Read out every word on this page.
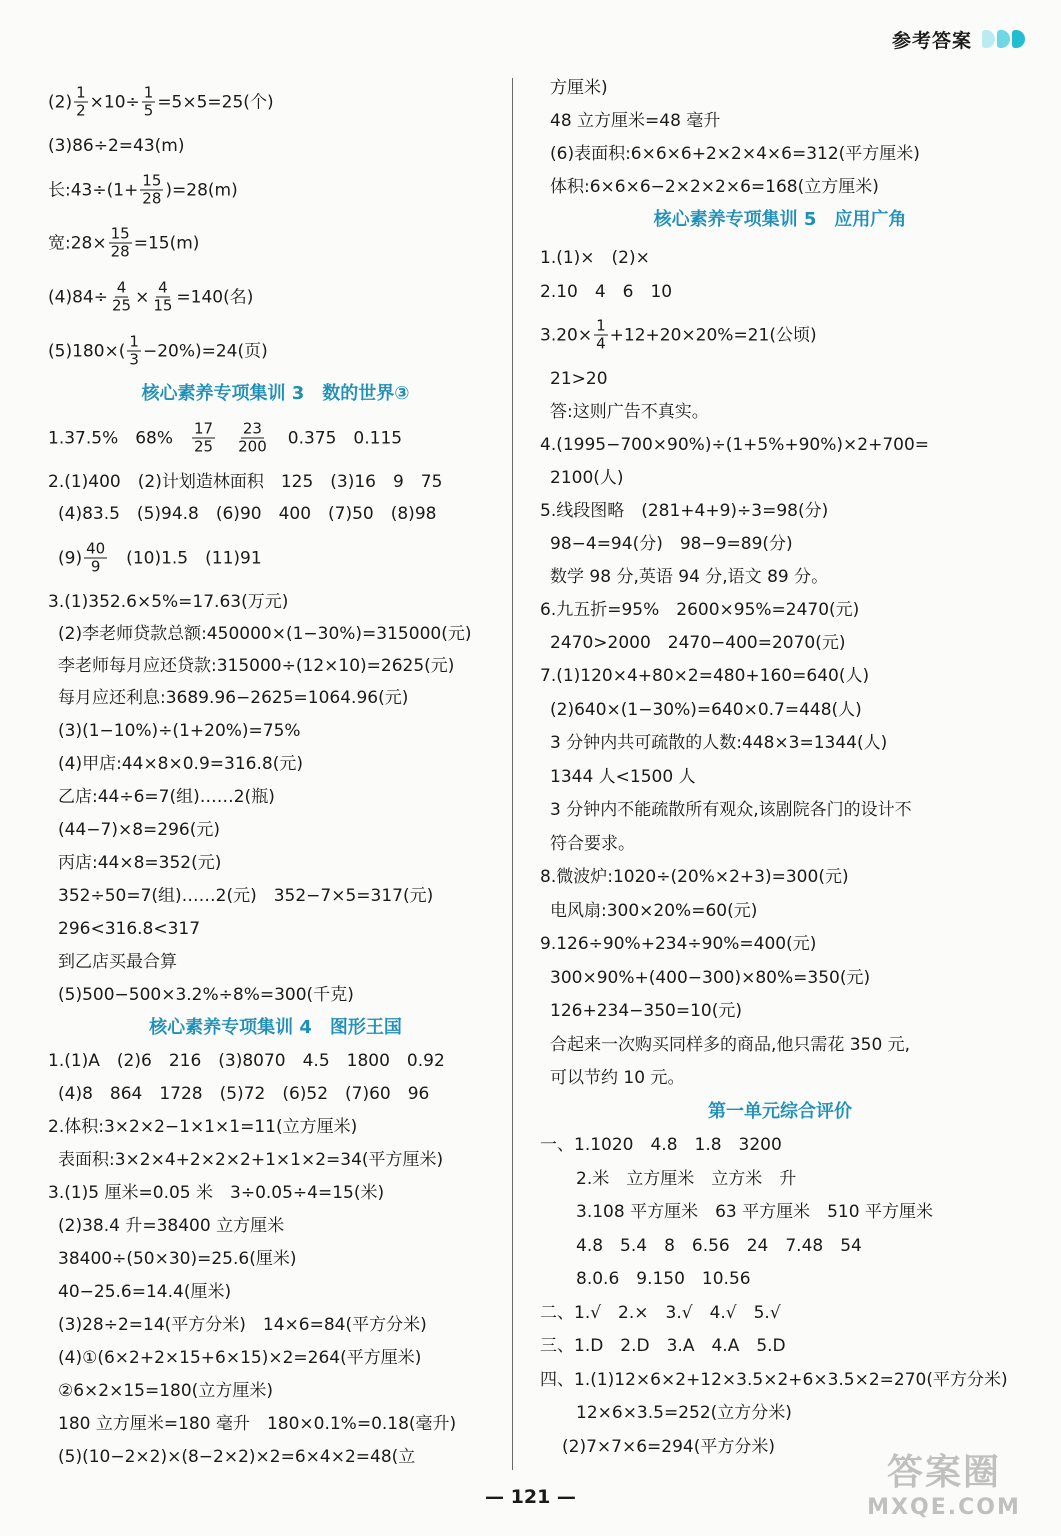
参考答案
$(2) \frac{1}{2} \times 10\div \frac{1}{5} =5\times 5=25$(个)
(3)86÷2=43(m)
长:43÷(1+ $\frac{15}{28} )=28(m)$
宽:28× $\frac{15}{28} =15(m)$
$(4)84\div \frac{4}{25} \times \frac{4}{15} =140$(名)
$(5)180\times( \frac{1}{3} -20\%)=24$(页)
核心素养专项集训 3　数的世界③
1.37.5%　68%　 $\frac{17}{25}$
　 $\frac{23}{200}$ 　0.375　0.115
2.(1)400　(2)计划造林面积　125　(3)16　9　75
(4)83.5　(5)94.8　(6)90　400　(7)50　(8)98
$(9) \frac{40}{9}$ 　(10)1.5　(11)91
3.(1)352.6×5%=17.63(万元)
(2)李老师贷款总额:450000×(1−30%)=315000(元)
李老师每月应还贷款:315000÷(12×10)=2625(元)
每月应还利息:3689.96−2625=1064.96(元)
(3)(1−10%)÷(1+20%)=75%
(4)甲店:44×8×0.9=316.8(元)
乙店:44÷6=7(组)……2(瓶)
(44−7)×8=296(元)
丙店:44×8=352(元)
352÷50=7(组)……2(元)　352−7×5=317(元)
296<316.8<317
到乙店买最合算
(5)500−500×3.2%÷8%=300(千克)
核心素养专项集训 4　图形王国
1.(1)A　(2)6　216　(3)8070　4.5　1800　0.92
(4)8　864　1728　(5)72　(6)52　(7)60　96
2.体积:3×2×2−1×1×1=11(立方厘米)
表面积:3×2×4+2×2×2+1×1×2=34(平方厘米)
3.(1)5 厘米=0.05 米　3÷0.05÷4=15(米)
(2)38.4 升=38400 立方厘米
38400÷(50×30)=25.6(厘米)
40−25.6=14.4(厘米)
(3)28÷2=14(平方分米)　14×6=84(平方分米)
(4)①(6×2+2×15+6×15)×2=264(平方厘米)
②6×2×15=180(立方厘米)
180 立方厘米=180 毫升　180×0.1%=0.18(毫升)
(5)(10−2×2)×(8−2×2)×2=6×4×2=48(立
方厘米)
48 立方厘米=48 毫升
(6)表面积:6×6×6+2×2×4×6=312(平方厘米)
体积:6×6×6−2×2×2×6=168(立方厘米)
核心素养专项集训 5　应用广角
1.(1)×　(2)×
2.10　4　6　10
$3.20\times \frac{1}{4} +12+20\times 20\%=21$(公顷)
21>20
答:这则广告不真实。
4.(1995−700×90%)÷(1+5%+90%)×2+700=
2100(人)
5.线段图略　(281+4+9)÷3=98(分)
98−4=94(分)　98−9=89(分)
数学 98 分,英语 94 分,语文 89 分。
6.九五折=95%　2600×95%=2470(元)
2470>2000　2470−400=2070(元)
7.(1)120×4+80×2=480+160=640(人)
(2)640×(1−30%)=640×0.7=448(人)
3 分钟内共可疏散的人数:448×3=1344(人)
1344 人<1500 人
3 分钟内不能疏散所有观众,该剧院各门的设计不
符合要求。
8.微波炉:1020÷(20%×2+3)=300(元)
电风扇:300×20%=60(元)
9.126÷90%+234÷90%=400(元)
300×90%+(400−300)×80%=350(元)
126+234−350=10(元)
合起来一次购买同样多的商品,他只需花 350 元,
可以节约 10 元。
第一单元综合评价
一、1.1020　4.8　1.8　3200
2.米　立方厘米　立方米　升
3.108 平方厘米　63 平方厘米　510 平方厘米
4.8　5.4　8　6.56　24　7.48　54
8.0.6　9.150　10.56
二、1.√　2.×　3.√　4.√　5.√
三、1.D　2.D　3.A　4.A　5.D
四、1.(1)12×6×2+12×3.5×2+6×3.5×2=270(平方分米)
12×6×3.5=252(立方分米)
(2)7×7×6=294(平方分米)
— 121 —
答案圈
MXQE.COM
